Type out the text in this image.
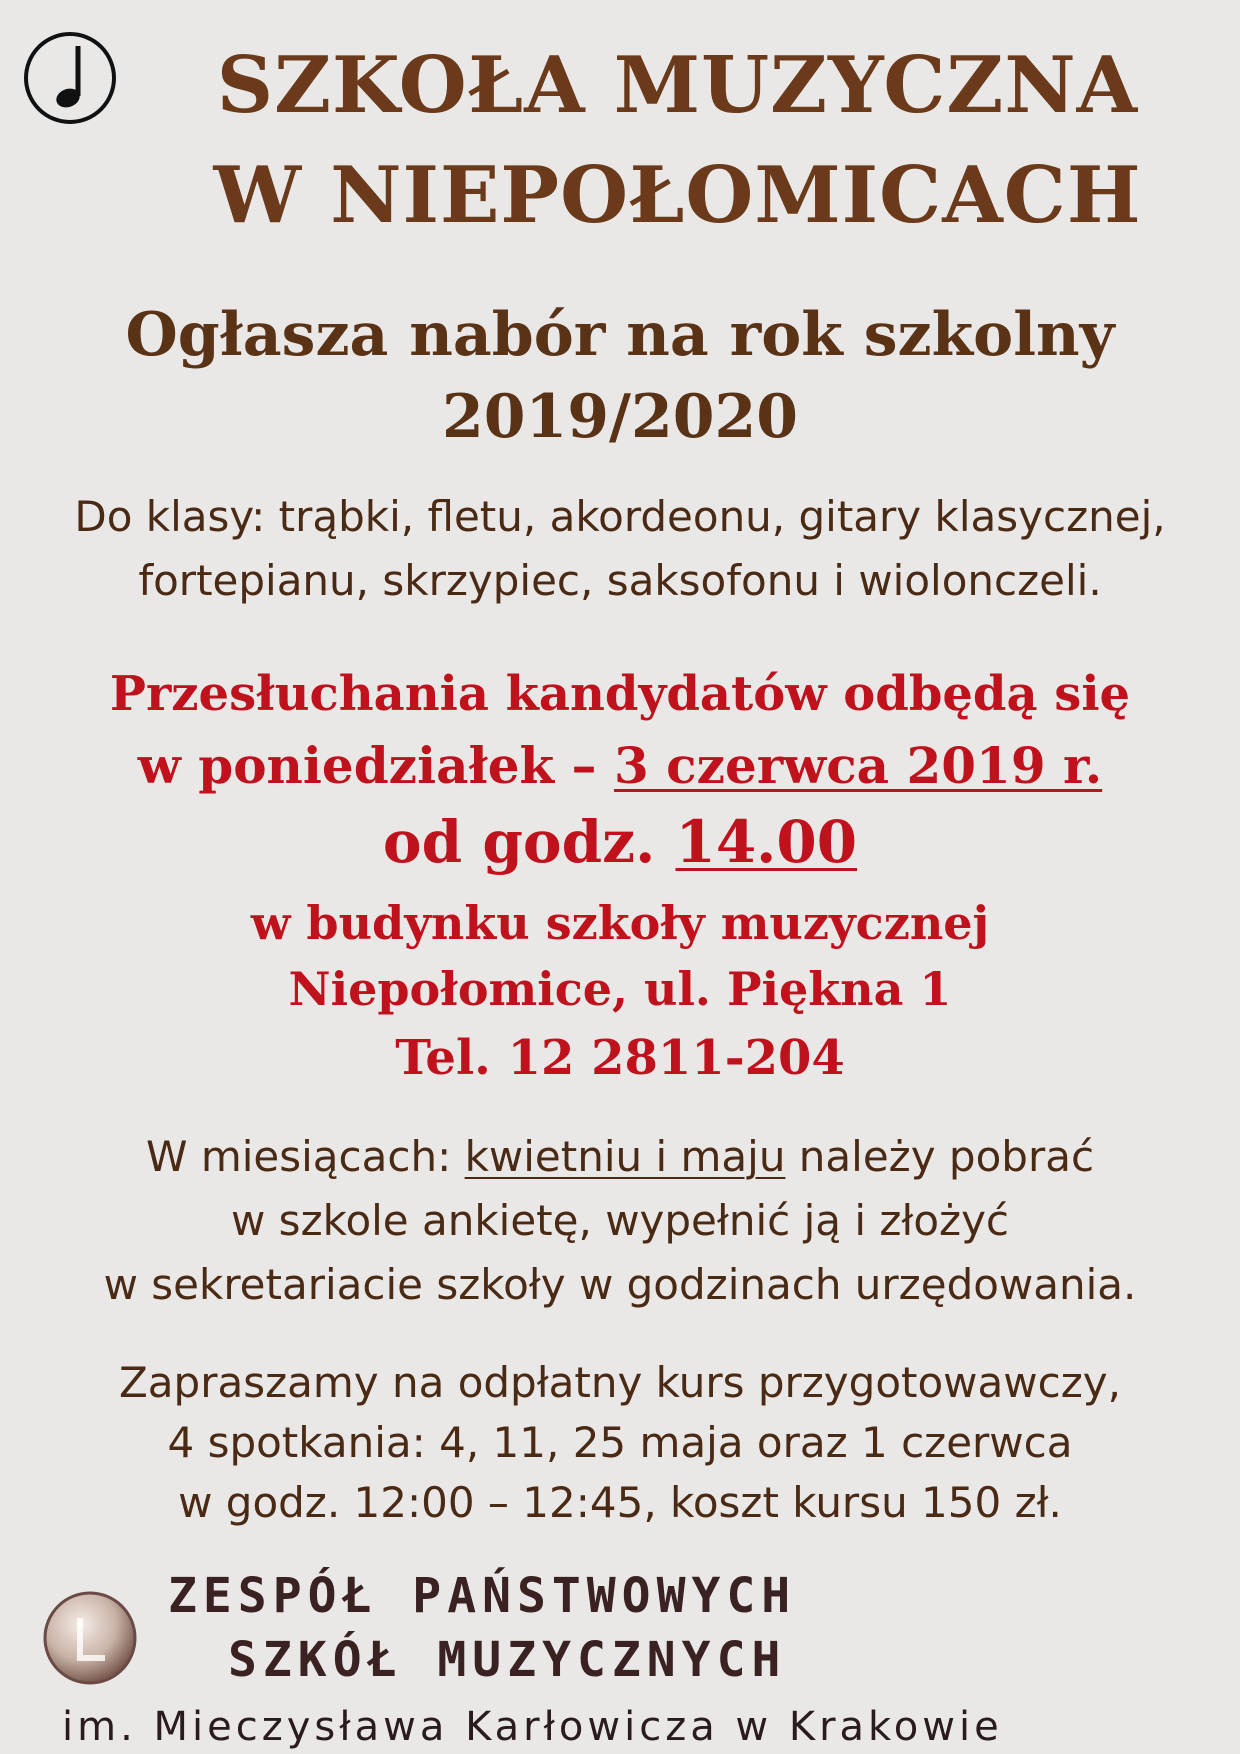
SZKOŁA MUZYCZNA
W NIEPOŁOMICACH
Ogłasza nabór na rok szkolny
2019/2020
Do klasy: trąbki, fletu, akordeonu, gitary klasycznej,
fortepianu, skrzypiec, saksofonu i wiolonczeli.
Przesłuchania kandydatów odbędą się
w poniedziałek – 3 czerwca 2019 r.
od godz. 14.00
w budynku szkoły muzycznej
Niepołomice, ul. Piękna 1
Tel. 12 2811-204
W miesiącach: kwietniu i maju należy pobrać
w szkole ankietę, wypełnić ją i złożyć
w sekretariacie szkoły w godzinach urzędowania.
Zapraszamy na odpłatny kurs przygotowawczy,
4 spotkania: 4, 11, 25 maja oraz 1 czerwca
w godz. 12:00 – 12:45, koszt kursu 150 zł.
ZESPÓŁ PAŃSTWOWYCH
SZKÓŁ MUZYCZNYCH
im. Mieczysława Karłowicza w Krakowie
